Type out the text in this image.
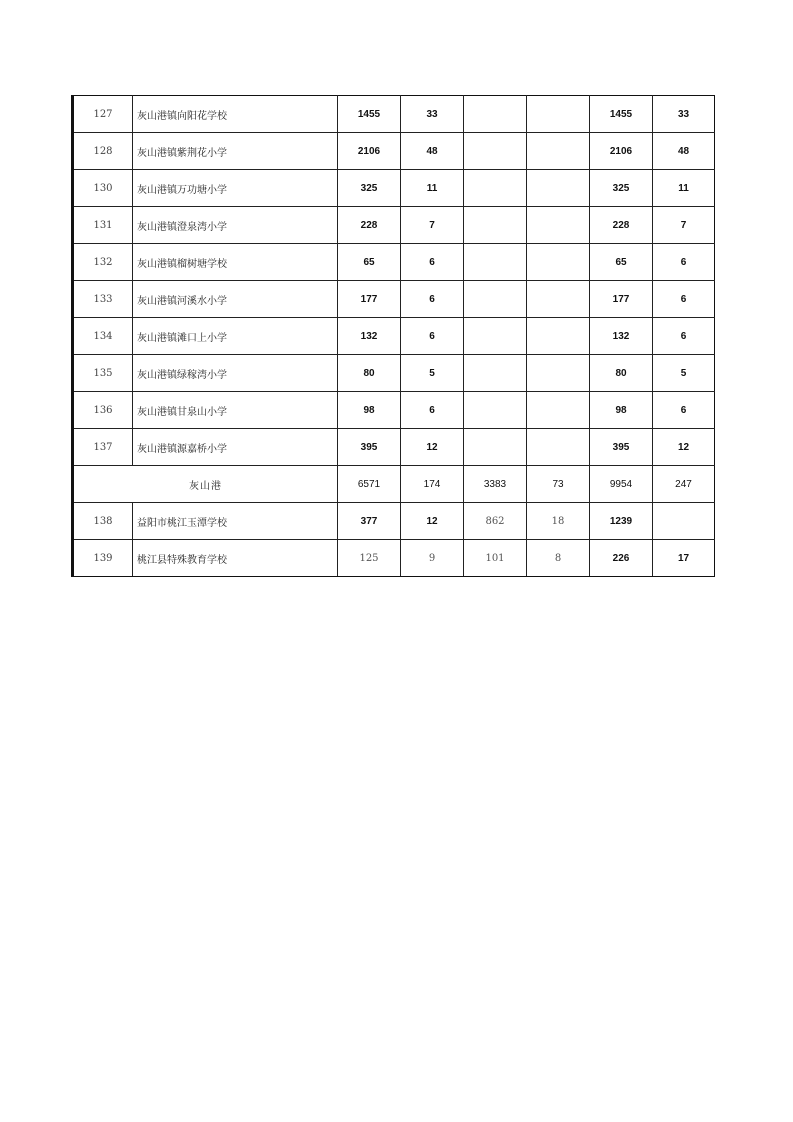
127	灰山港镇向阳花学校	1455	33			1455	33
128	灰山港镇紫荆花小学	2106	48			2106	48
130	灰山港镇万功塘小学	325	11			325	11
131	灰山港镇澄泉湾小学	228	7			228	7
132	灰山港镇榴树塘学校	65	6			65	6
133	灰山港镇河溪水小学	177	6			177	6
134	灰山港镇滩口上小学	132	6			132	6
135	灰山港镇绿稼湾小学	80	5			80	5
136	灰山港镇甘泉山小学	98	6			98	6
137	灰山港镇源嘉桥小学	395	12			395	12
灰山港		6571	174	3383	73	9954	247
138	益阳市桃江玉潭学校	377	12	862	18	1239	
139	桃江县特殊教育学校	125	9	101	8	226	17
